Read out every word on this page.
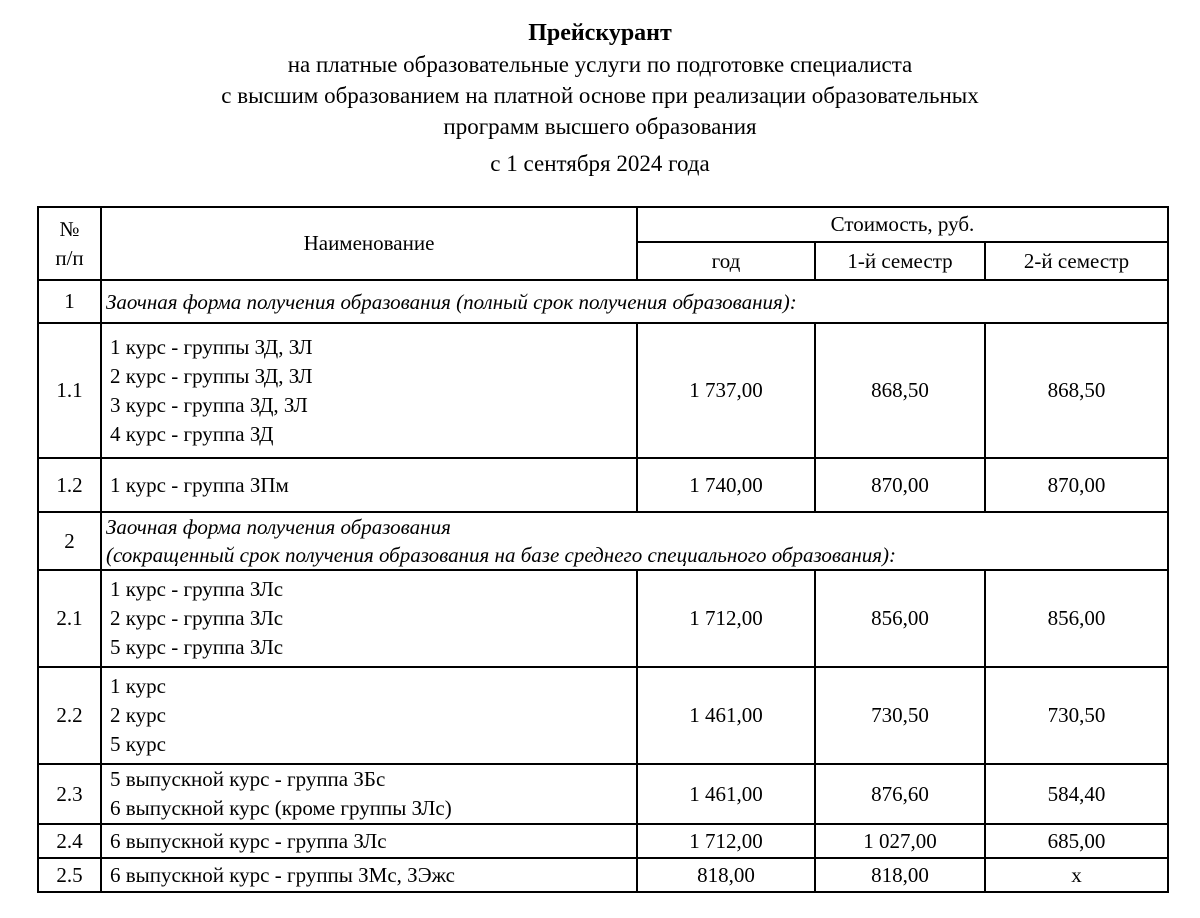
Прейскурант
на платные образовательные услуги по подготовке специалиста
с высшим образованием на платной основе при реализации образовательных
программ высшего образования
с 1 сентября 2024 года
№
п/п	Наименование	Стоимость, руб.		
		год	1-й семестр	2-й семестр
1	Заочная форма получения образования (полный срок получения образования):			

1.1	1 курс - группы ЗД, ЗЛ
2 курс - группы ЗД, ЗЛ
3 курс - группа ЗД, ЗЛ
4 курс - группа ЗД	1 737,00	868,50	868,50
1.2	1 курс - группа ЗПм	1 740,00	870,00	870,00
2	Заочная форма получения образования
(сокращенный срок получения образования на базе среднего специального образования):			

2.1	1 курс - группа ЗЛс
2 курс - группа ЗЛс
5 курс - группа ЗЛс	1 712,00	856,00	856,00
2.2	1 курс
2 курс
5 курс	1 461,00	730,50	730,50
2.3	5 выпускной курс - группа ЗБс
6 выпускной курс (кроме группы ЗЛс)	1 461,00	876,60	584,40
2.4	6 выпускной курс - группа ЗЛс	1 712,00	1 027,00	685,00
2.5	6 выпускной курс - группы ЗМс, ЗЭжс	818,00	818,00	х
